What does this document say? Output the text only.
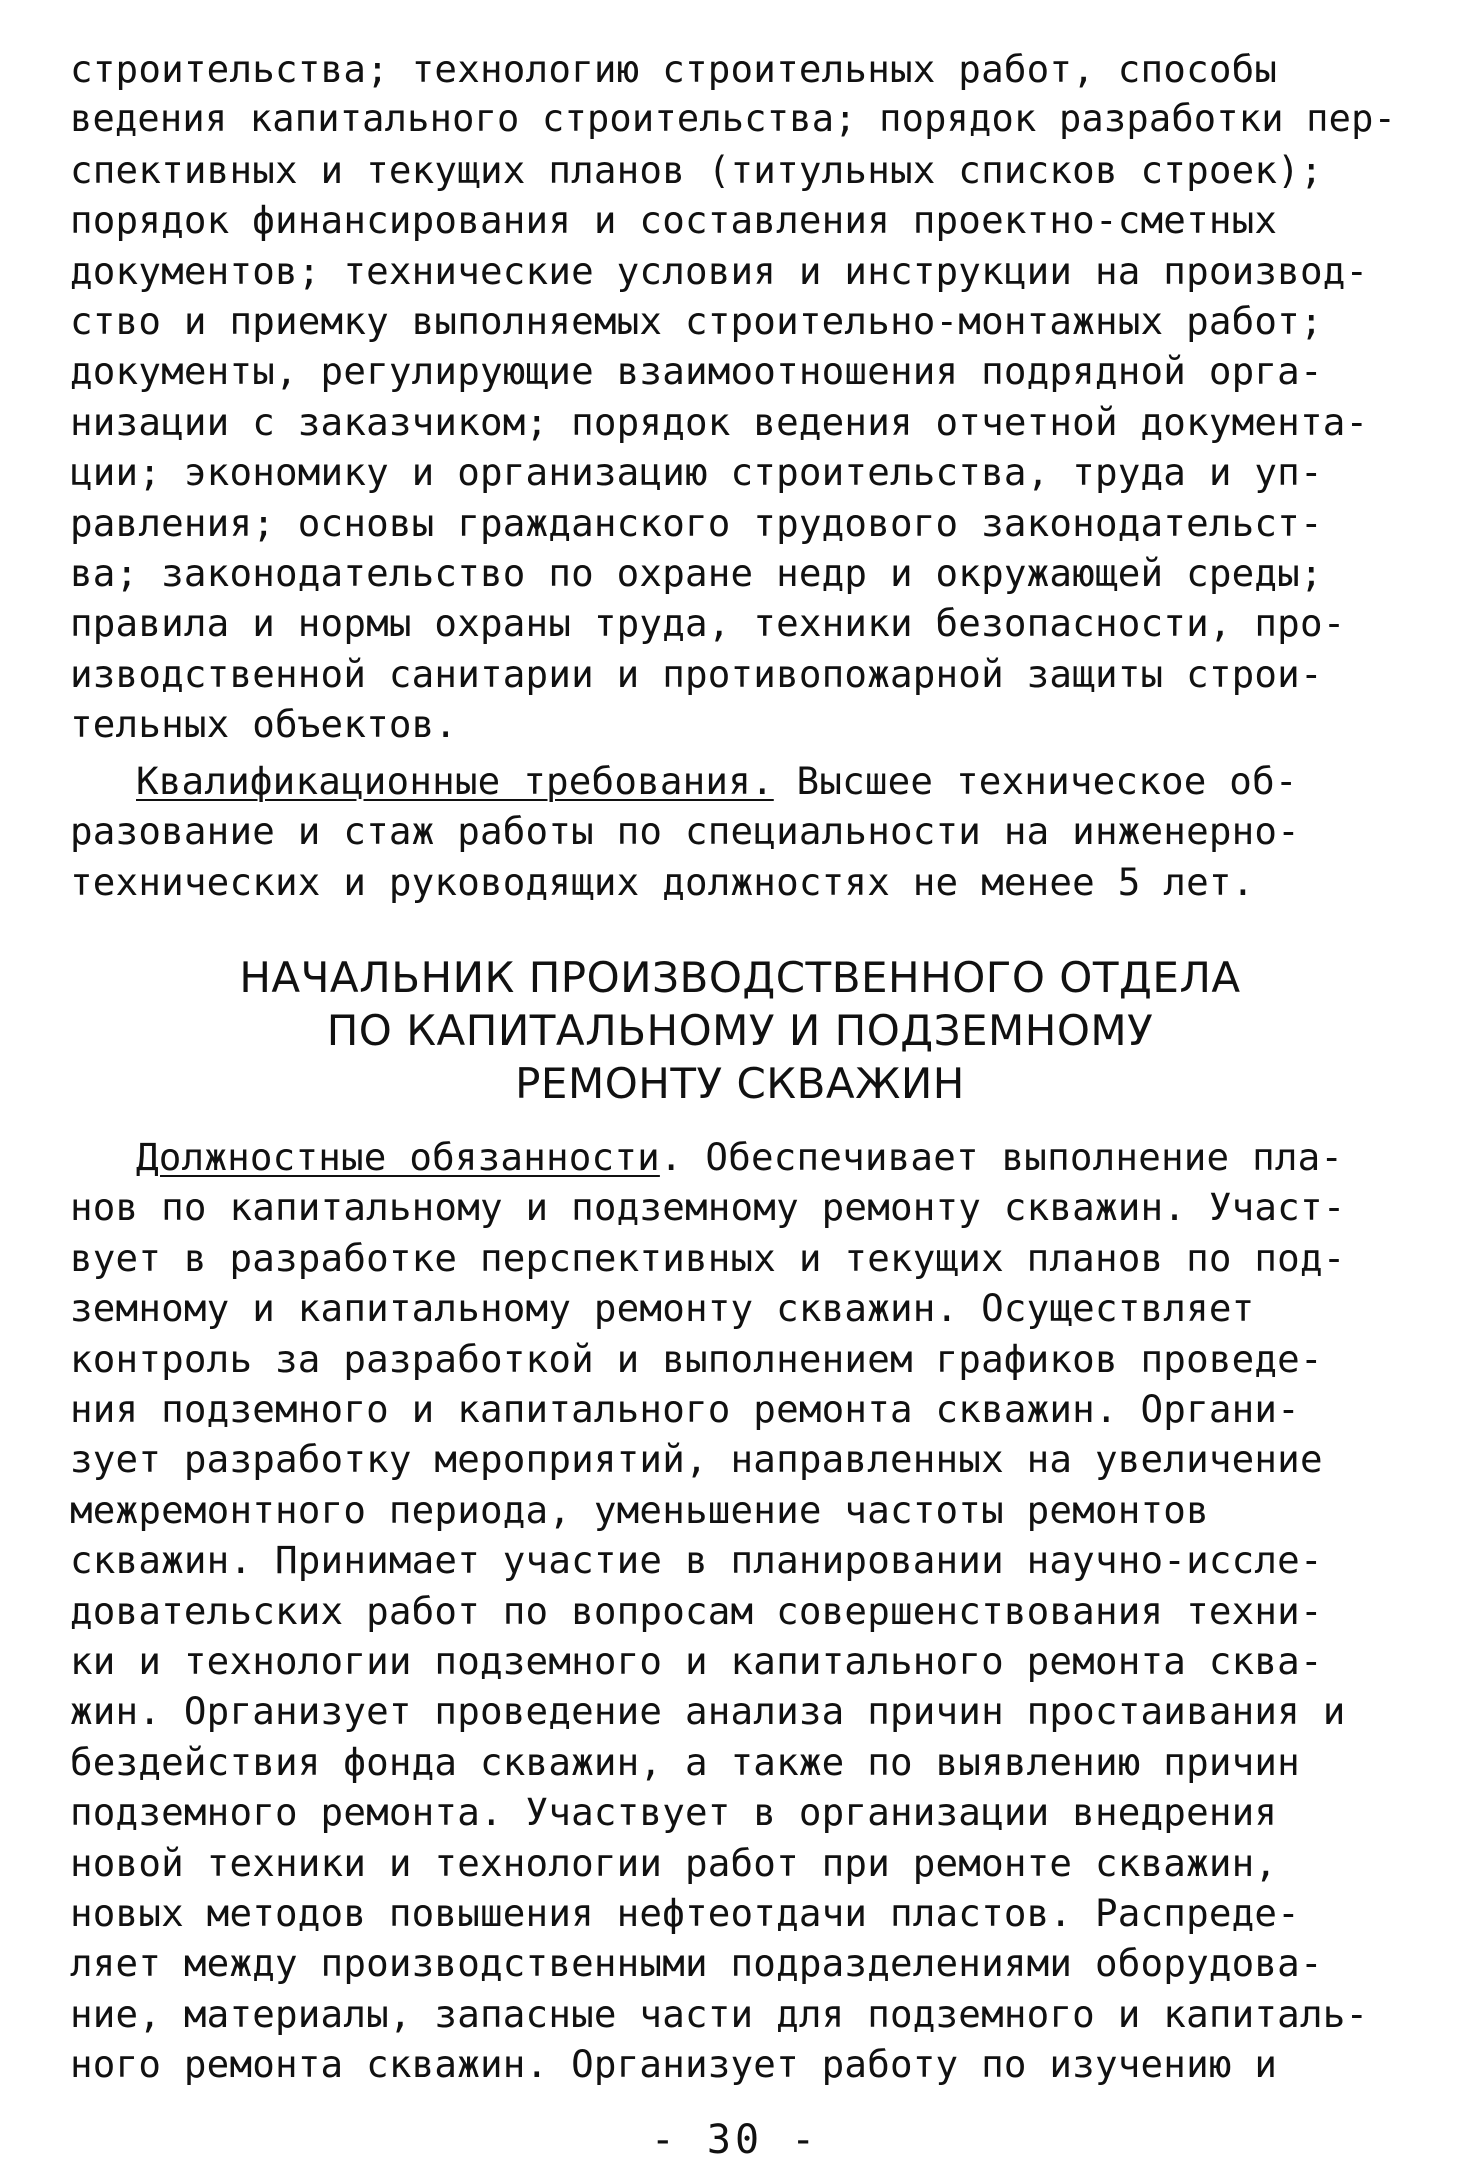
строительства; технологию строительных работ, способы
ведения капитального строительства; порядок разработки пер-
спективных и текущих планов (титульных списков строек);
порядок финансирования и составления проектно-сметных
документов; технические условия и инструкции на производ-
ство и приемку выполняемых строительно-монтажных работ;
документы, регулирующие взаимоотношения подрядной орга-
низации с заказчиком; порядок ведения отчетной документа-
ции; экономику и организацию строительства, труда и уп-
равления; основы гражданского трудового законодательст-
ва; законодательство по охране недр и окружающей среды;
правила и нормы охраны труда, техники безопасности, про-
изводственной санитарии и противопожарной защиты строи-
тельных объектов.
Квалификационные требования. Высшее техническое об-
разование и стаж работы по специальности на инженерно-
технических и руководящих должностях не менее 5 лет.
НАЧАЛЬНИК ПРОИЗВОДСТВЕННОГО ОТДЕЛА
ПО КАПИТАЛЬНОМУ И ПОДЗЕМНОМУ
РЕМОНТУ СКВАЖИН
Должностные обязанности. Обеспечивает выполнение пла-
нов по капитальному и подземному ремонту скважин. Участ-
вует в разработке перспективных и текущих планов по под-
земному и капитальному ремонту скважин. Осуществляет
контроль за разработкой и выполнением графиков проведе-
ния подземного и капитального ремонта скважин. Органи-
зует разработку мероприятий, направленных на увеличение
межремонтного периода, уменьшение частоты ремонтов
скважин. Принимает участие в планировании научно-иссле-
довательских работ по вопросам совершенствования техни-
ки и технологии подземного и капитального ремонта сква-
жин. Организует проведение анализа причин простаивания и
бездействия фонда скважин, а также по выявлению причин
подземного ремонта. Участвует в организации внедрения
новой техники и технологии работ при ремонте скважин,
новых методов повышения нефтеотдачи пластов. Распреде-
ляет между производственными подразделениями оборудова-
ние, материалы, запасные части для подземного и капиталь-
ного ремонта скважин. Организует работу по изучению и
- 30 -
